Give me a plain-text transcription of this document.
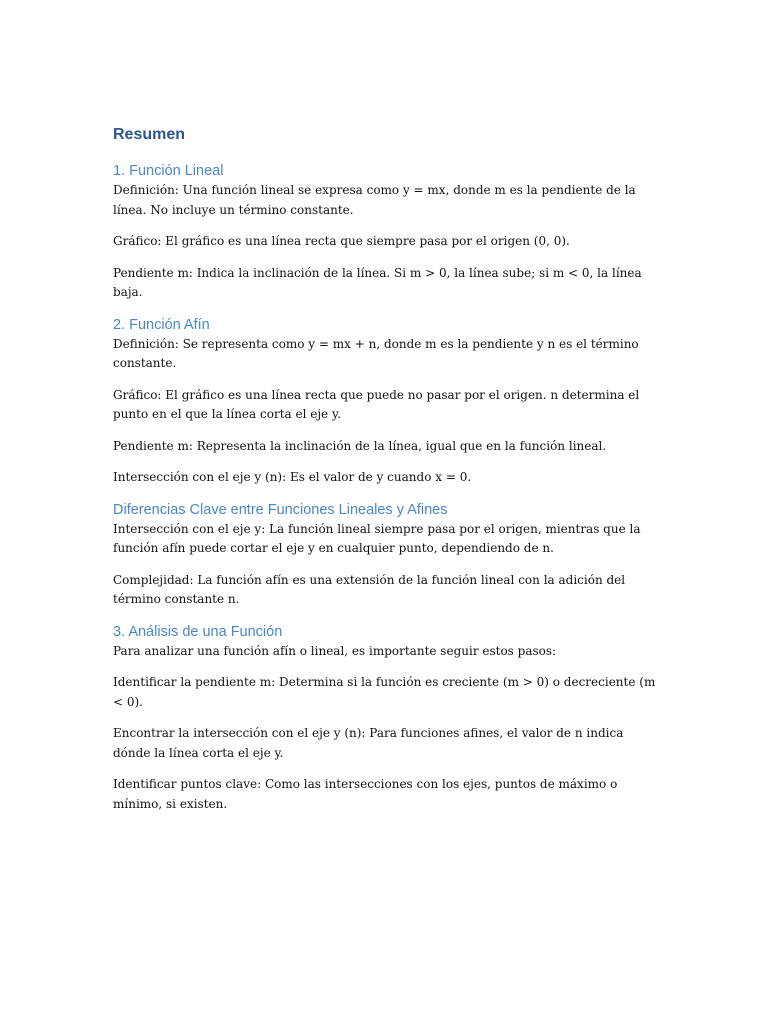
Resumen
1. Función Lineal

Definición: Una función lineal se expresa como y = mx, donde m es la pendiente de la línea. No incluye un término constante.

Gráfico: El gráfico es una línea recta que siempre pasa por el origen (0, 0).

Pendiente m: Indica la inclinación de la línea. Si m > 0, la línea sube; si m < 0, la línea baja.

2. Función Afín

Definición: Se representa como y = mx + n, donde m es la pendiente y n es el término constante.

Gráfico: El gráfico es una línea recta que puede no pasar por el origen. n determina el punto en el que la línea corta el eje y.

Pendiente m: Representa la inclinación de la línea, igual que en la función lineal.

Intersección con el eje y (n): Es el valor de y cuando x = 0.

Diferencias Clave entre Funciones Lineales y Afines

Intersección con el eje y: La función lineal siempre pasa por el origen, mientras que la función afín puede cortar el eje y en cualquier punto, dependiendo de n.

Complejidad: La función afín es una extensión de la función lineal con la adición del término constante n.

3. Análisis de una Función

Para analizar una función afín o lineal, es importante seguir estos pasos:

Identificar la pendiente m: Determina si la función es creciente (m > 0) o decreciente (m < 0).

Encontrar la intersección con el eje y (n): Para funciones afines, el valor de n indica dónde la línea corta el eje y.

Identificar puntos clave: Como las intersecciones con los ejes, puntos de máximo o mínimo, si existen.
